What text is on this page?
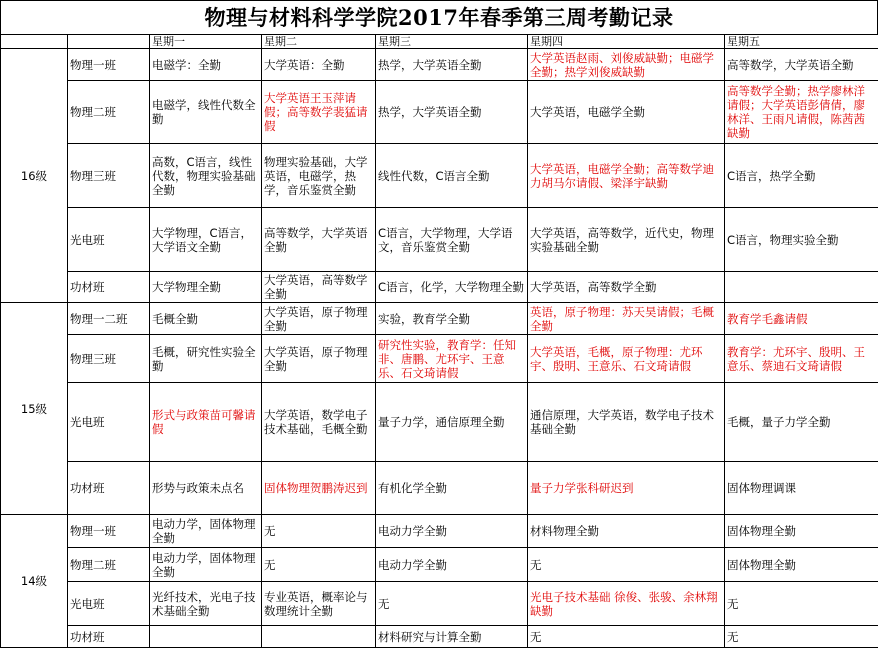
物理与材料科学学院2017年春季第三周考勤记录
		星期一	星期二	星期三	星期四	星期五
16级	物理一班	电磁学：全勤	大学英语：全勤	热学，大学英语全勤	大学英语赵雨、刘俊威缺勤；电磁学全勤；热学刘俊威缺勤	高等数学，大学英语全勤
	物理二班	电磁学，线性代数全勤	大学英语王玉萍请假；高等数学裴猛请假	热学，大学英语全勤	大学英语，电磁学全勤	高等数学全勤；热学廖林洋请假；大学英语彭倩倩，廖林洋、王雨凡请假，陈茜茜缺勤
	物理三班	高数，C语言，线性代数，物理实验基础全勤	物理实验基础，大学英语，电磁学，热学，音乐鉴赏全勤	线性代数，C语言全勤	大学英语，电磁学全勤；高等数学迪力胡马尔请假、梁泽宇缺勤	C语言，热学全勤
	光电班	大学物理，C语言，大学语文全勤	高等数学，大学英语全勤	C语言，大学物理，大学语文，音乐鉴赏全勤	大学英语，高等数学，近代史，物理实验基础全勤	C语言，物理实验全勤
	功材班	大学物理全勤	大学英语，高等数学全勤	C语言，化学，大学物理全勤	大学英语，高等数学全勤	
15级	物理一二班	毛概全勤	大学英语，原子物理全勤	实验，教育学全勤	英语，原子物理：苏天昊请假；毛概全勤	教育学毛鑫请假
	物理三班	毛概，研究性实验全勤	大学英语，原子物理全勤	研究性实验，教育学：任知非、唐鹏、尤环宇、王意乐、石文琦请假	大学英语，毛概，原子物理：尤环宇、殷明、王意乐、石文琦请假	教育学：尤环宇、殷明、王意乐、蔡迪石文琦请假
	光电班	形式与政策苗可馨请假	大学英语，数学电子技术基础，毛概全勤	量子力学，通信原理全勤	通信原理，大学英语，数学电子技术基础全勤	毛概，量子力学全勤
	功材班	形势与政策未点名	固体物理贺鹏涛迟到	有机化学全勤	量子力学张科研迟到	固体物理调课
14级	物理一班	电动力学，固体物理全勤	无	电动力学全勤	材料物理全勤	固体物理全勤
	物理二班	电动力学，固体物理全勤	无	电动力学全勤	无	固体物理全勤
	光电班	光纤技术，光电子技术基础全勤	专业英语，概率论与数理统计全勤	无	光电子技术基础 徐俊、张骏、余林翔缺勤	无
	功材班			材料研究与计算全勤	无	无
